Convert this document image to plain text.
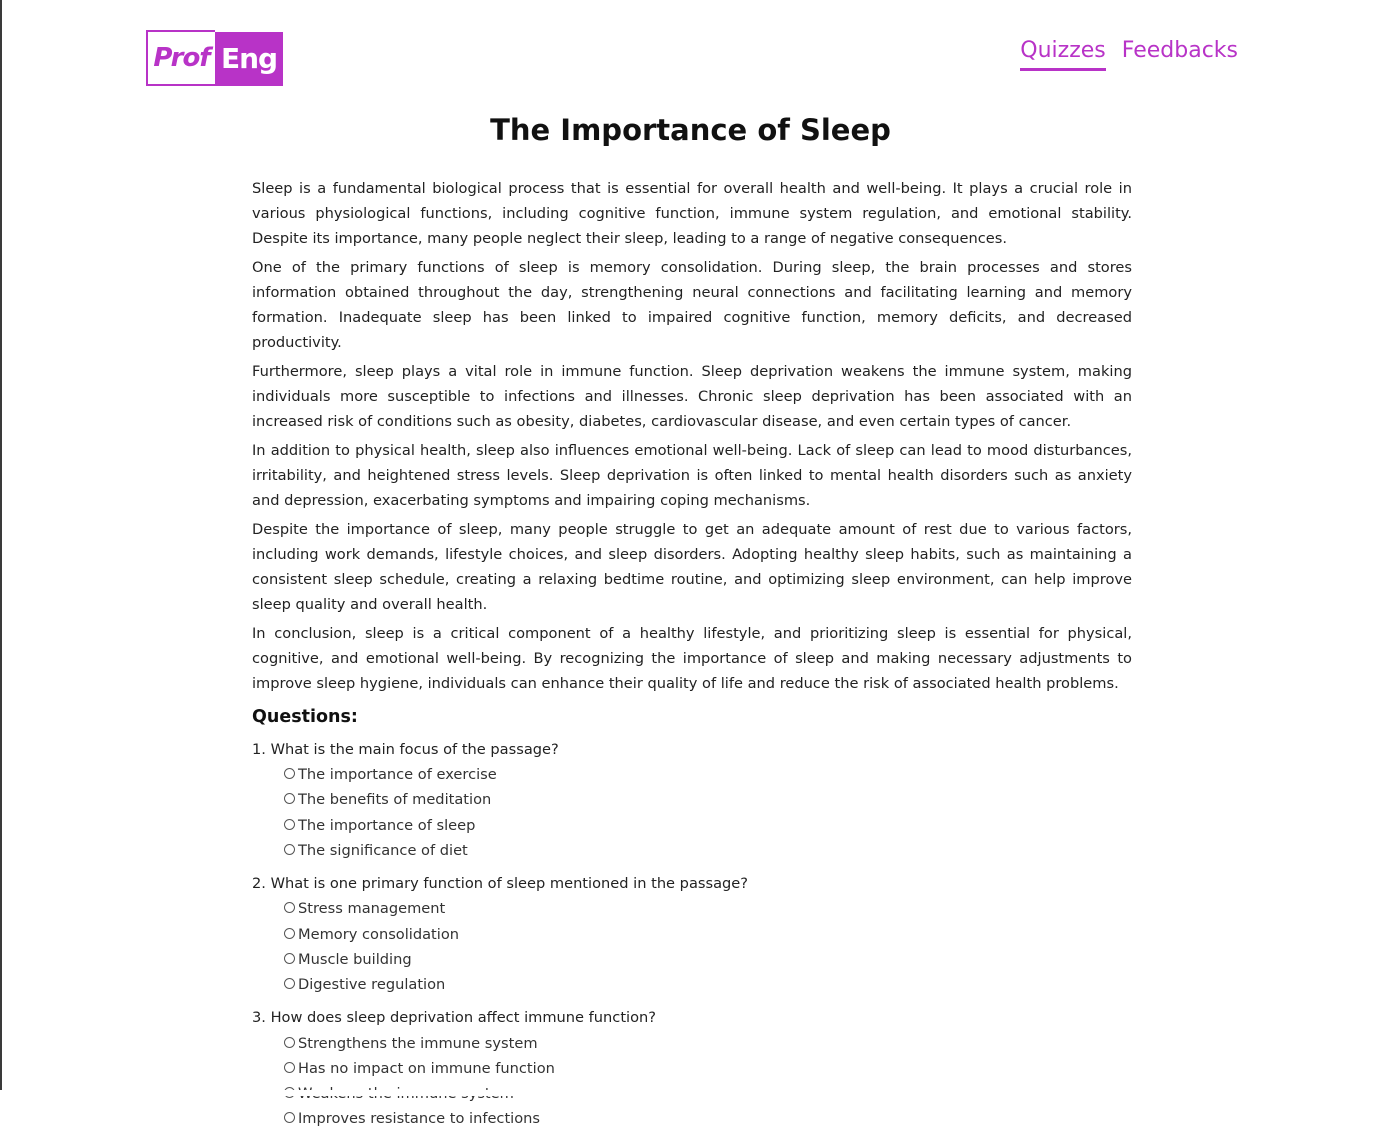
Prof Eng	Quizzes Feedbacks
The Importance of Sleep

Sleep is a fundamental biological process that is essential for overall health and well-being. It plays a crucial role in various physiological functions, including cognitive function, immune system regulation, and emotional stability. Despite its importance, many people neglect their sleep, leading to a range of negative consequences.

One of the primary functions of sleep is memory consolidation. During sleep, the brain processes and stores information obtained throughout the day, strengthening neural connections and facilitating learning and memory formation. Inadequate sleep has been linked to impaired cognitive function, memory deficits, and decreased productivity.

Furthermore, sleep plays a vital role in immune function. Sleep deprivation weakens the immune system, making individuals more susceptible to infections and illnesses. Chronic sleep deprivation has been associated with an increased risk of conditions such as obesity, diabetes, cardiovascular disease, and even certain types of cancer.

In addition to physical health, sleep also influences emotional well-being. Lack of sleep can lead to mood disturbances, irritability, and heightened stress levels. Sleep deprivation is often linked to mental health disorders such as anxiety and depression, exacerbating symptoms and impairing coping mechanisms.

Despite the importance of sleep, many people struggle to get an adequate amount of rest due to various factors, including work demands, lifestyle choices, and sleep disorders. Adopting healthy sleep habits, such as maintaining a consistent sleep schedule, creating a relaxing bedtime routine, and optimizing sleep environment, can help improve sleep quality and overall health.

In conclusion, sleep is a critical component of a healthy lifestyle, and prioritizing sleep is essential for physical, cognitive, and emotional well-being. By recognizing the importance of sleep and making necessary adjustments to improve sleep hygiene, individuals can enhance their quality of life and reduce the risk of associated health problems.

Questions:
1. What is the main focus of the passage?
The importance of exercise
The benefits of meditation
The importance of sleep
The significance of diet
2. What is one primary function of sleep mentioned in the passage?
Stress management
Memory consolidation
Muscle building
Digestive regulation
3. How does sleep deprivation affect immune function?
Strengthens the immune system
Has no impact on immune function
Improves resistance to infections
